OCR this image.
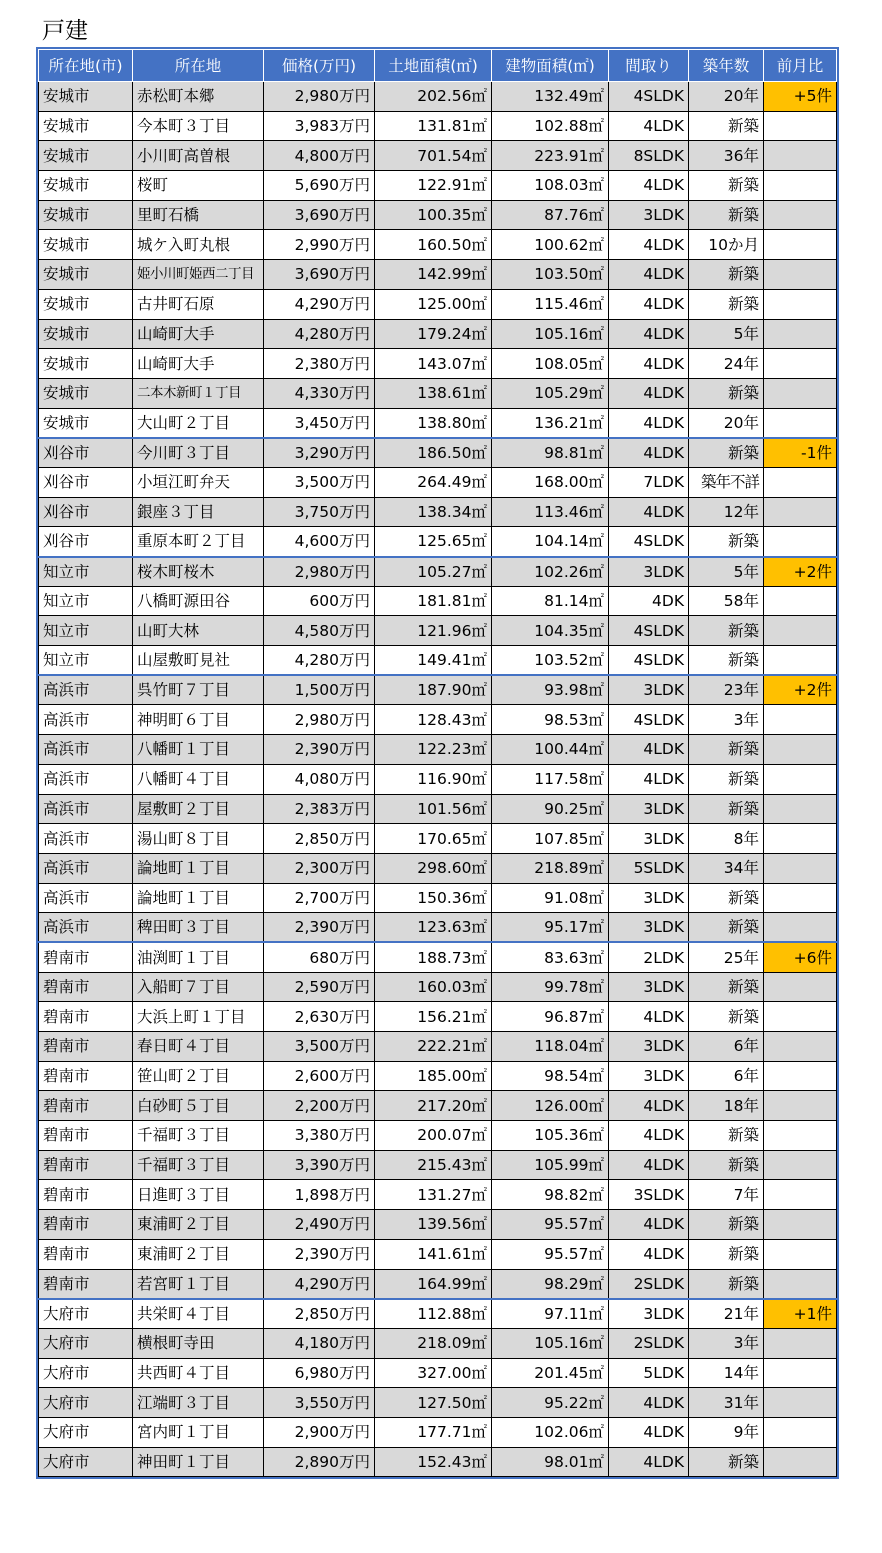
戸建
所在地(市)	所在地	価格(万円)	土地面積(㎡)	建物面積(㎡)	間取り	築年数	前月比
安城市	赤松町本郷	2,980万円	202.56㎡	132.49㎡	4SLDK	20年	+5件
安城市	今本町３丁目	3,983万円	131.81㎡	102.88㎡	4LDK	新築	
安城市	小川町高曽根	4,800万円	701.54㎡	223.91㎡	8SLDK	36年	
安城市	桜町	5,690万円	122.91㎡	108.03㎡	4LDK	新築	
安城市	里町石橋	3,690万円	100.35㎡	87.76㎡	3LDK	新築	
安城市	城ケ入町丸根	2,990万円	160.50㎡	100.62㎡	4LDK	10か月	
安城市	姫小川町姫西二丁目	3,690万円	142.99㎡	103.50㎡	4LDK	新築	
安城市	古井町石原	4,290万円	125.00㎡	115.46㎡	4LDK	新築	
安城市	山崎町大手	4,280万円	179.24㎡	105.16㎡	4LDK	5年	
安城市	山崎町大手	2,380万円	143.07㎡	108.05㎡	4LDK	24年	
安城市	二本木新町１丁目	4,330万円	138.61㎡	105.29㎡	4LDK	新築	
安城市	大山町２丁目	3,450万円	138.80㎡	136.21㎡	4LDK	20年	
刈谷市	今川町３丁目	3,290万円	186.50㎡	98.81㎡	4LDK	新築	-1件
刈谷市	小垣江町弁天	3,500万円	264.49㎡	168.00㎡	7LDK	築年不詳	
刈谷市	銀座３丁目	3,750万円	138.34㎡	113.46㎡	4LDK	12年	
刈谷市	重原本町２丁目	4,600万円	125.65㎡	104.14㎡	4SLDK	新築	
知立市	桜木町桜木	2,980万円	105.27㎡	102.26㎡	3LDK	5年	+2件
知立市	八橋町源田谷	600万円	181.81㎡	81.14㎡	4DK	58年	
知立市	山町大林	4,580万円	121.96㎡	104.35㎡	4SLDK	新築	
知立市	山屋敷町見社	4,280万円	149.41㎡	103.52㎡	4SLDK	新築	
高浜市	呉竹町７丁目	1,500万円	187.90㎡	93.98㎡	3LDK	23年	+2件
高浜市	神明町６丁目	2,980万円	128.43㎡	98.53㎡	4SLDK	3年	
高浜市	八幡町１丁目	2,390万円	122.23㎡	100.44㎡	4LDK	新築	
高浜市	八幡町４丁目	4,080万円	116.90㎡	117.58㎡	4LDK	新築	
高浜市	屋敷町２丁目	2,383万円	101.56㎡	90.25㎡	3LDK	新築	
高浜市	湯山町８丁目	2,850万円	170.65㎡	107.85㎡	3LDK	8年	
高浜市	論地町１丁目	2,300万円	298.60㎡	218.89㎡	5SLDK	34年	
高浜市	論地町１丁目	2,700万円	150.36㎡	91.08㎡	3LDK	新築	
高浜市	稗田町３丁目	2,390万円	123.63㎡	95.17㎡	3LDK	新築	
碧南市	油渕町１丁目	680万円	188.73㎡	83.63㎡	2LDK	25年	+6件
碧南市	入船町７丁目	2,590万円	160.03㎡	99.78㎡	3LDK	新築	
碧南市	大浜上町１丁目	2,630万円	156.21㎡	96.87㎡	4LDK	新築	
碧南市	春日町４丁目	3,500万円	222.21㎡	118.04㎡	3LDK	6年	
碧南市	笹山町２丁目	2,600万円	185.00㎡	98.54㎡	3LDK	6年	
碧南市	白砂町５丁目	2,200万円	217.20㎡	126.00㎡	4LDK	18年	
碧南市	千福町３丁目	3,380万円	200.07㎡	105.36㎡	4LDK	新築	
碧南市	千福町３丁目	3,390万円	215.43㎡	105.99㎡	4LDK	新築	
碧南市	日進町３丁目	1,898万円	131.27㎡	98.82㎡	3SLDK	7年	
碧南市	東浦町２丁目	2,490万円	139.56㎡	95.57㎡	4LDK	新築	
碧南市	東浦町２丁目	2,390万円	141.61㎡	95.57㎡	4LDK	新築	
碧南市	若宮町１丁目	4,290万円	164.99㎡	98.29㎡	2SLDK	新築	
大府市	共栄町４丁目	2,850万円	112.88㎡	97.11㎡	3LDK	21年	+1件
大府市	横根町寺田	4,180万円	218.09㎡	105.16㎡	2SLDK	3年	
大府市	共西町４丁目	6,980万円	327.00㎡	201.45㎡	5LDK	14年	
大府市	江端町３丁目	3,550万円	127.50㎡	95.22㎡	4LDK	31年	
大府市	宮内町１丁目	2,900万円	177.71㎡	102.06㎡	4LDK	9年	
大府市	神田町１丁目	2,890万円	152.43㎡	98.01㎡	4LDK	新築	
